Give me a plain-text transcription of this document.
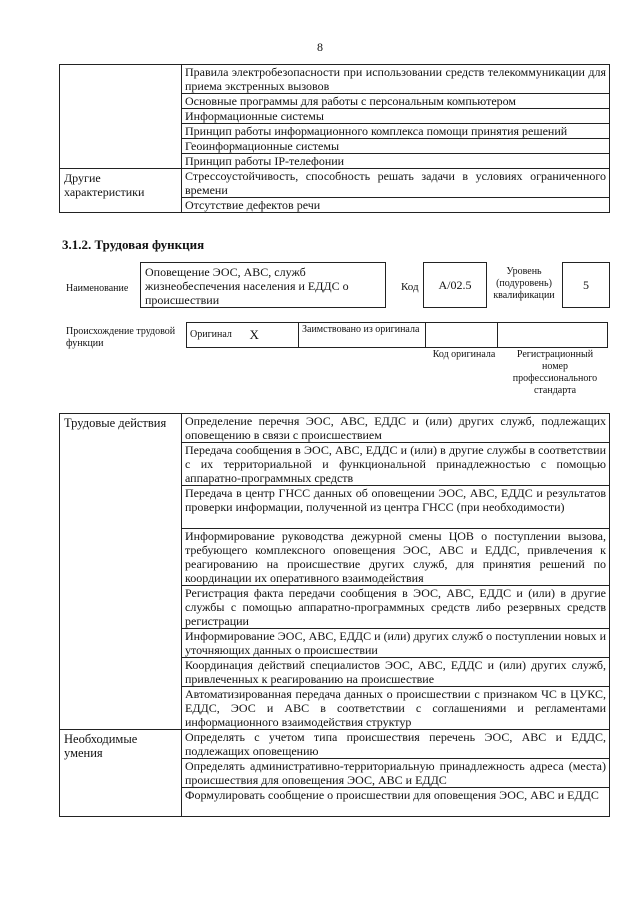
8
	Правила электробезопасности при использовании средств телекоммуникации для приема экстренных вызовов
	Основные программы для работы с персональным компьютером
	Информационные системы
	Принцип работы информационного комплекса помощи принятия решений
	Геоинформационные системы
	Принцип работы IP-телефонии
Другие характеристики	Стрессоустойчивость, способность решать задачи в условиях ограниченного времени
	Отсутствие дефектов речи
3.1.2. Трудовая функция
Наименование
Оповещение ЭОС, АВС, служб жизнеобеспечения населения и ЕДДС о происшествии
Код	A/02.5
Уровень (подуровень) квалификации
5
Происхождение трудовой функции
Оригинал	X	Заимствовано из оригинала		
Код оригинала	Регистрационный номер профессионального стандарта
Трудовые действия	Определение перечня ЭОС, АВС, ЕДДС и (или) других служб, подлежащих оповещению в связи с происшествием
	Передача сообщения в ЭОС, АВС, ЕДДС и (или) в другие службы в соответствии с их территориальной и функциональной принадлежностью с помощью аппаратно-программных средств
	Передача в центр ГНСС данных об оповещении ЭОС, АВС, ЕДДС и результатов проверки информации, полученной из центра ГНСС (при необходимости)
	Информирование руководства дежурной смены ЦОВ о поступлении вызова, требующего комплексного оповещения ЭОС, АВС и ЕДДС, привлечения к реагированию на происшествие других служб, для принятия решений по координации их оперативного взаимодействия
	Регистрация факта передачи сообщения в ЭОС, АВС, ЕДДС и (или) в другие службы с помощью аппаратно-программных средств либо резервных средств регистрации
	Информирование ЭОС, АВС, ЕДДС и (или) других служб о поступлении новых и уточняющих данных о происшествии
	Координация действий специалистов ЭОС, АВС, ЕДДС и (или) других служб, привлеченных к реагированию на происшествие
	Автоматизированная передача данных о происшествии с признаком ЧС в ЦУКС, ЕДДС, ЭОС и АВС в соответствии с соглашениями и регламентами информационного взаимодействия структур
Необходимые умения	Определять с учетом типа происшествия перечень ЭОС, АВС и ЕДДС, подлежащих оповещению
	Определять административно-территориальную принадлежность адреса (места) происшествия для оповещения ЭОС, АВС и ЕДДС
	Формулировать сообщение о происшествии для оповещения ЭОС, АВС и ЕДДС
